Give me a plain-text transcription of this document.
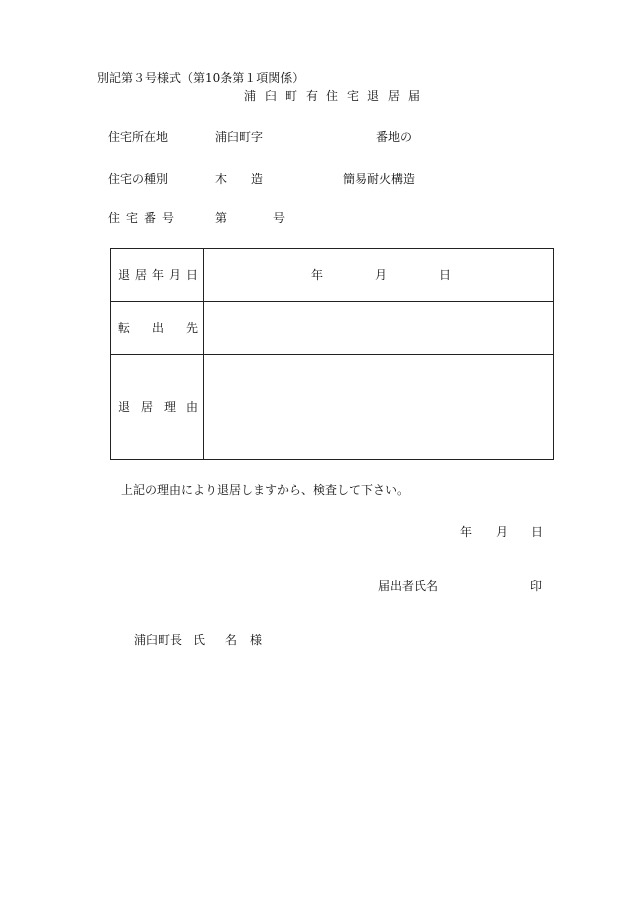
別記第３号様式（第10条第１項関係）
浦 臼 町 有 住 宅 退 居 届
住宅所在地	浦臼町字	番地の
住宅の種別	木 造	簡易耐火構造
住 宅 番 号	第	号
退 居 年 月 日	年 月 日

転 出 先	

退 居 理 由	

上記の理由により退居しますから、検査して下さい。
年 月 日
届出者氏名	印
浦臼町長 氏 名 様
